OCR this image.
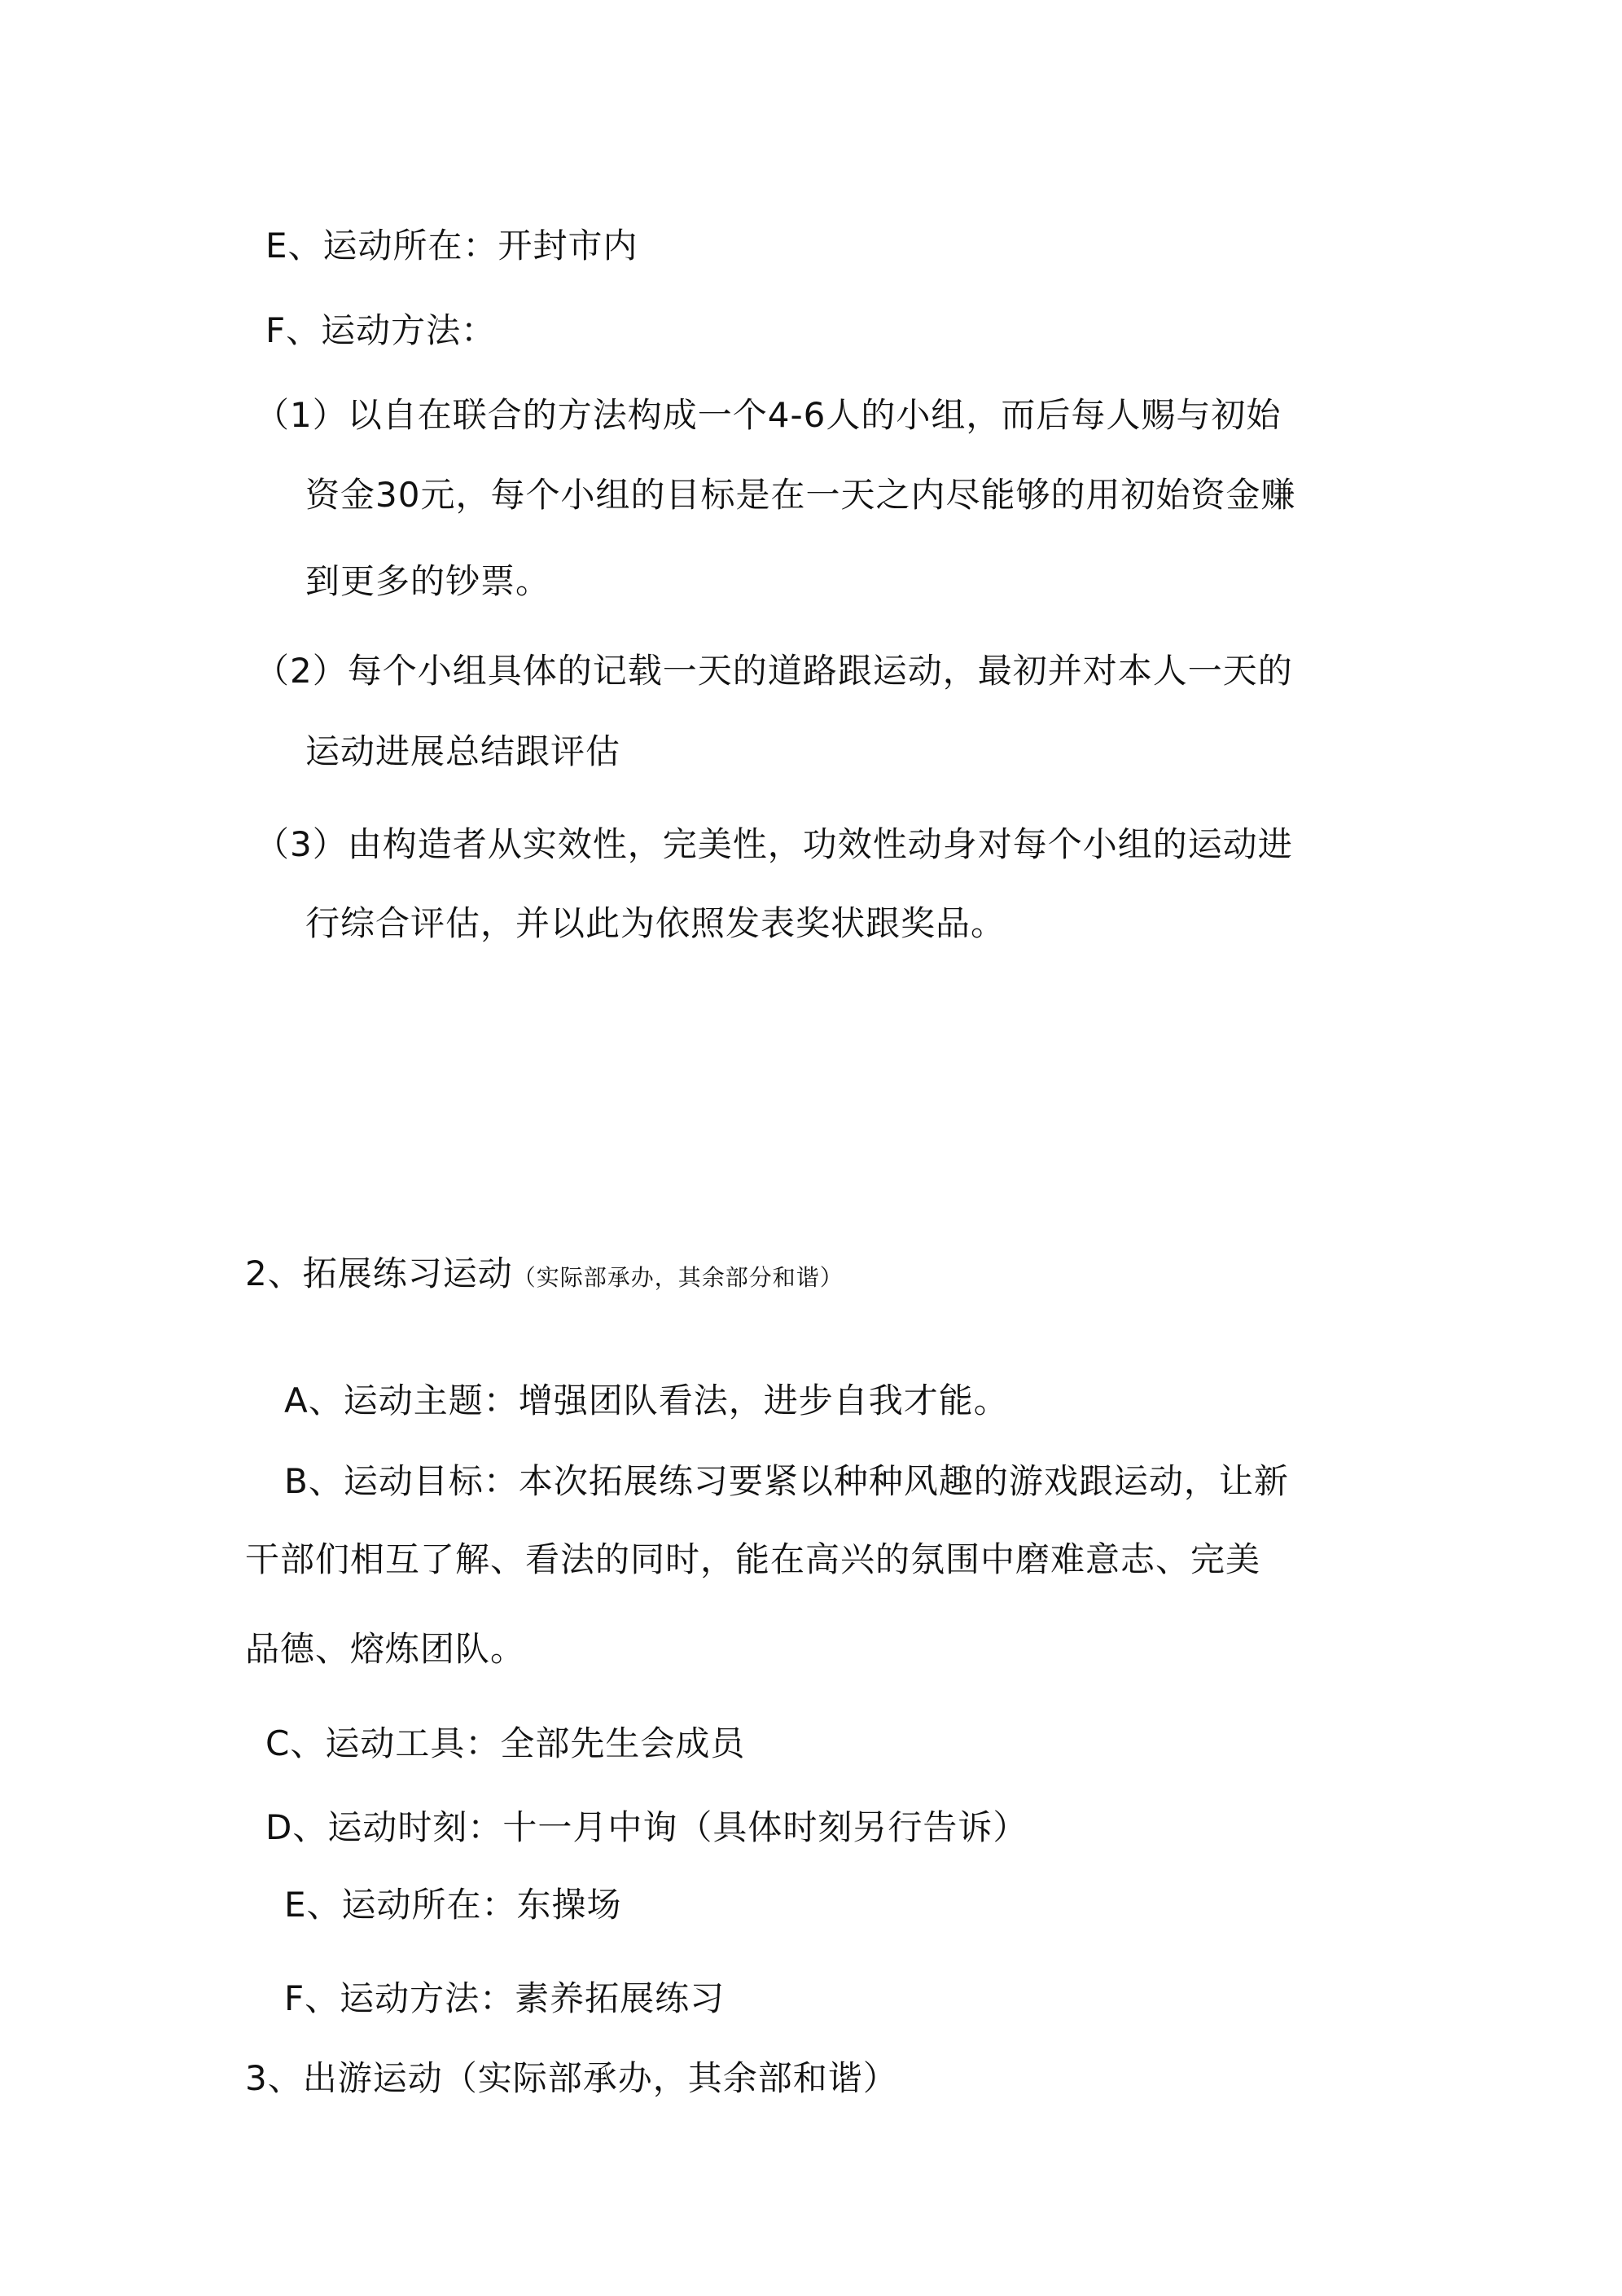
E、运动所在：开封市内

F、运动方法：

（1）以自在联合的方法构成一个4-6人的小组，而后每人赐与初始

资金30元，每个小组的目标是在一天之内尽能够的用初始资金赚

到更多的钞票。

（2）每个小组具体的记载一天的道路跟运动，最初并对本人一天的

运动进展总结跟评估

（3）由构造者从实效性，完美性，功效性动身对每个小组的运动进

行综合评估，并以此为依照发表奖状跟奖品。

2、拓展练习运动（实际部承办，其余部分和谐）

A、运动主题：增强团队看法，进步自我才能。

B、运动目标：本次拓展练习要紧以种种风趣的游戏跟运动，让新

干部们相互了解、看法的同时，能在高兴的氛围中磨难意志、完美

品德、熔炼团队。

C、运动工具：全部先生会成员

D、运动时刻：十一月中询（具体时刻另行告诉）

E、运动所在：东操场

F、运动方法：素养拓展练习

3、出游运动（实际部承办，其余部和谐）
